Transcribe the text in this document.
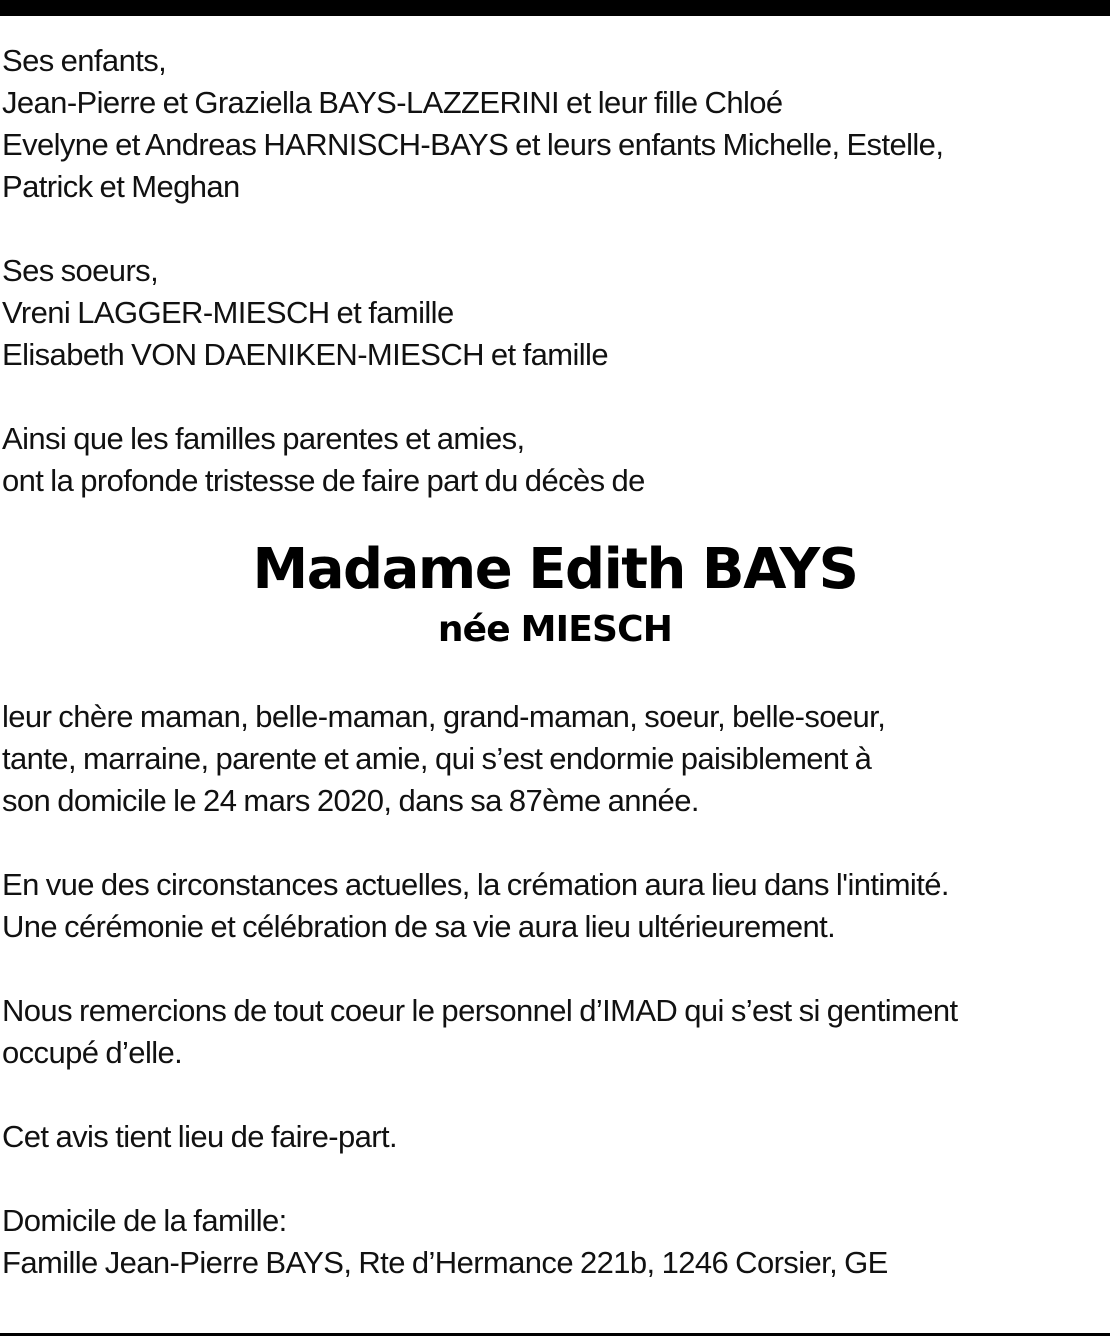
Ses enfants,
Jean-Pierre et Graziella BAYS-LAZZERINI et leur fille Chloé
Evelyne et Andreas HARNISCH-BAYS et leurs enfants Michelle, Estelle,
Patrick et Meghan
Ses soeurs,
Vreni LAGGER-MIESCH et famille
Elisabeth VON DAENIKEN-MIESCH et famille
Ainsi que les familles parentes et amies,
ont la profonde tristesse de faire part du décès de
Madame Edith BAYS
née MIESCH
leur chère maman, belle-maman, grand-maman, soeur, belle-soeur,
tante, marraine, parente et amie, qui s’est endormie paisiblement à
son domicile le 24 mars 2020, dans sa 87ème année.
En vue des circonstances actuelles, la crémation aura lieu dans l'intimité.
Une cérémonie et célébration de sa vie aura lieu ultérieurement.
Nous remercions de tout coeur le personnel d’IMAD qui s’est si gentiment
occupé d’elle.
Cet avis tient lieu de faire-part.
Domicile de la famille:
Famille Jean-Pierre BAYS, Rte d’Hermance 221b, 1246 Corsier, GE
